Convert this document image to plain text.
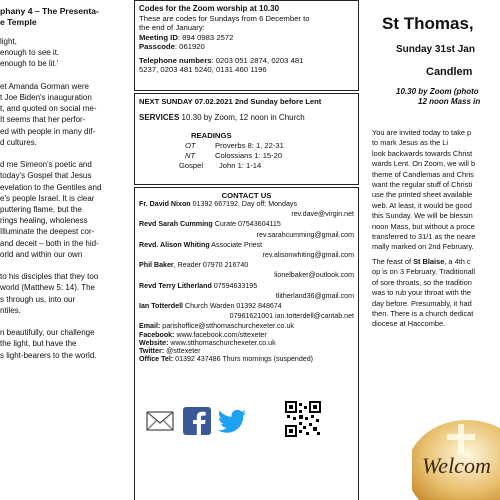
phany 4 – The Presenta-
e Temple
light,
enough to see it.
enough to be lit.'
et Amanda Gorman were
t Joe Biden's inauguration
t, and quoted on social me-
It seems that her perfor-
ed with people in many dif-
d cultures.
d me Simeon's poetic and
today's Gospel that Jesus
evelation to the Gentiles and
e's people Israel. It is clear
puttering flame, but the
rings healing, wholeness
Illuminate the deepest cor-
and deceit – both in the hid-
orld and within our own
to his disciples that they too
world (Matthew 5: 14). The
s through us, into our
ntiles.
n beautifully, our challenge
the light, but have the
s light-bearers to the world.
Codes for the Zoom worship at 10.30
These are codes for Sundays from 6 December to
the end of January:
Meeting ID: 894 0983 2572
Passcode: 061920
Telephone numbers: 0203 051 2874, 0203 481
5237, 0203 481 5240, 0131 460 1196
NEXT SUNDAY 07.02.2021 2nd Sunday before Lent
SERVICES 10.30 by Zoom, 12 noon in Church
READINGS
OT	Proverbs 8: 1, 22-31
NT	Colossians 1: 15-20
Gospel John 1: 1-14
CONTACT US
Fr. David Nixon 01392 667192. Day off: Mondays
rev.dave@virgin.net
Revd Sarah Cumming Curate 07543604115
rev.sarahcumming@gmail.com
Revd. Alison Whiting Associate Priest
rev.alisonwhiting@gmail.com
Phil Baker, Reader 07970 216740
lionelbaker@outlook.com
Revd Terry Litherland 07594633195
tlitherland36@gmail.com
Ian Totterdell Church Warden 01392 848674
07961621001 ian.totterdell@cantab.net
Email: parishoffice@stthomaschurchexeter.co.uk
Facebook: www.facebook.com/sttexeter
Website: www.stthomaschurchexeter.co.uk
Twitter: @sttexeter
Office Tel: 01392 437486 Thurs mornings (suspended)
St Thomas,
Sunday 31st Jan
Candlem
10.30 by Zoom (photo
12 noon Mass in
You are invited today to take p
to mark Jesus as the Li
look backwards towards Christ
wards Lent. On Zoom, we will b
theme of Candlemas and Chris
want the regular stuff of Christi
use the printed sheet available
web. At least, it would be good
this Sunday. We will be blessin
noon Mass, but without a proce
transferred to 31/1 as the neare
mally marked on 2nd February.
The feast of St Blaise, a 4th c
op is on 3 February. Traditionall
of sore throats, so the tradition
was to rub your throat with the
day before. Presumably, it had
then. There is a church dedicat
diocese at Haccombe.
Welcom
